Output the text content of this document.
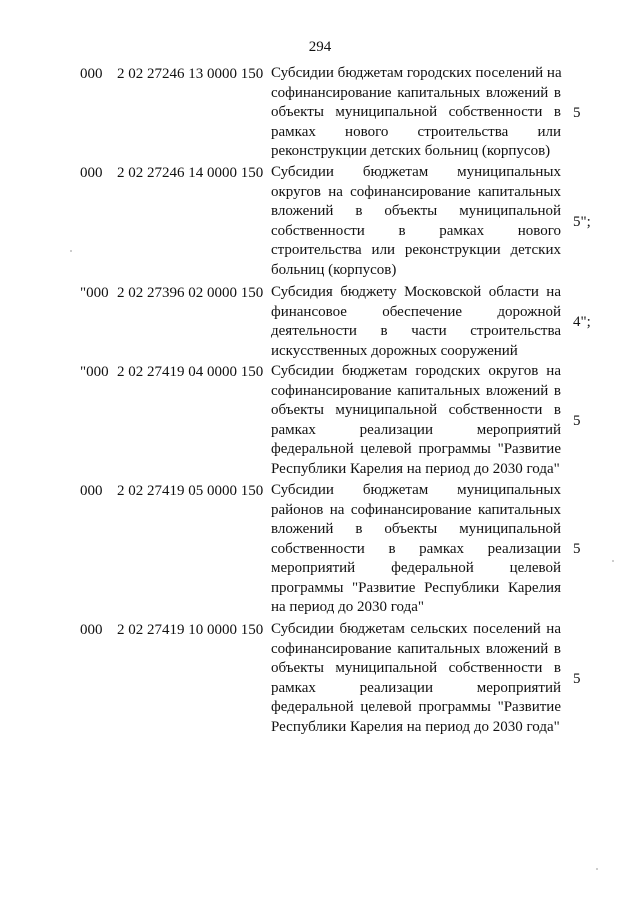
294
000 2 02 27246 13 0000 150 Субсидии бюджетам городских поселений на
софинансирование капитальных вложений в
объекты муниципальной собственности в
рамках нового строительства или
реконструкции детских больниц (корпусов)
5
000 2 02 27246 14 0000 150 Субсидии бюджетам муниципальных
округов на софинансирование капитальных
вложений в объекты муниципальной
собственности в рамках нового
строительства или реконструкции детских
больниц (корпусов)
5";
"000 2 02 27396 02 0000 150 Субсидия бюджету Московской области на
финансовое обеспечение дорожной
деятельности в части строительства
искусственных дорожных сооружений
4";
"000 2 02 27419 04 0000 150 Субсидии бюджетам городских округов на
софинансирование капитальных вложений в
объекты муниципальной собственности в
рамках реализации мероприятий
федеральной целевой программы "Развитие
Республики Карелия на период до 2030 года"
5
000 2 02 27419 05 0000 150 Субсидии бюджетам муниципальных
районов на софинансирование капитальных
вложений в объекты муниципальной
собственности в рамках реализации
мероприятий федеральной целевой
программы "Развитие Республики Карелия
на период до 2030 года"
5
000 2 02 27419 10 0000 150 Субсидии бюджетам сельских поселений на
софинансирование капитальных вложений в
объекты муниципальной собственности в
рамках реализации мероприятий
федеральной целевой программы "Развитие
Республики Карелия на период до 2030 года"
5
